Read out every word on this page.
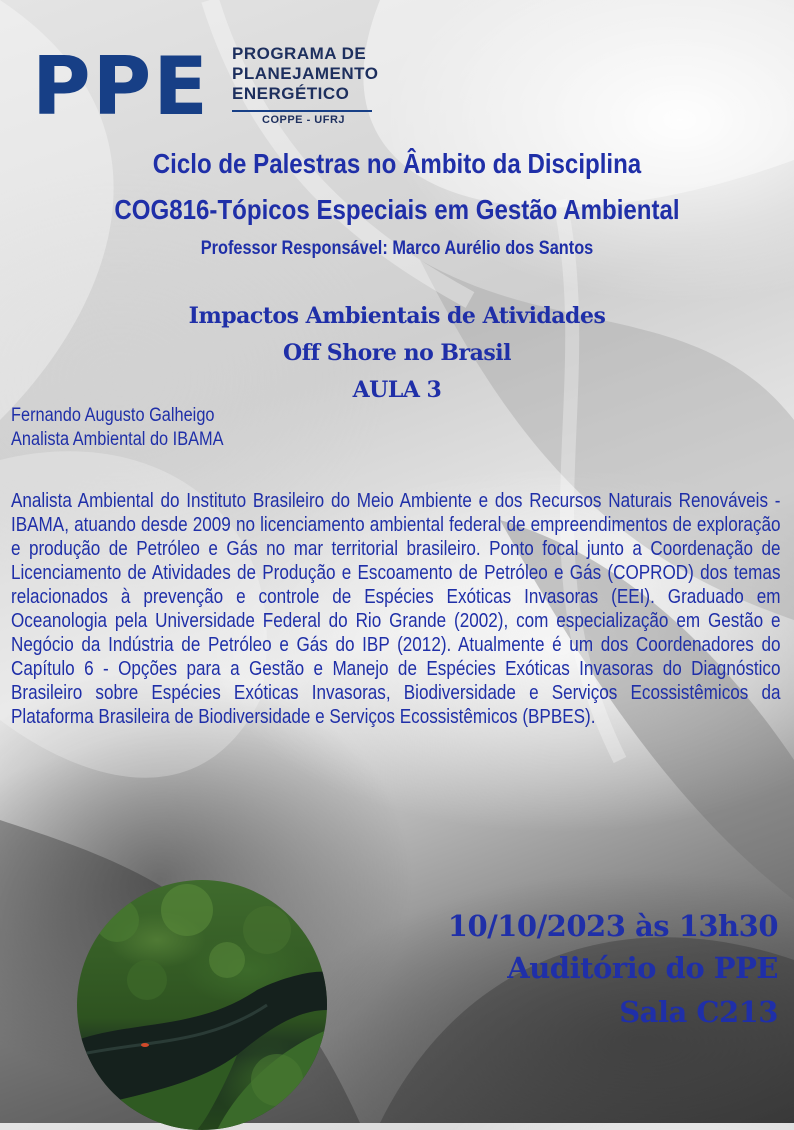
PPE PROGRAMA DE
PLANEJAMENTO
ENERGÉTICO
COPPE - UFRJ
Ciclo de Palestras no Âmbito da Disciplina
COG816-Tópicos Especiais em Gestão Ambiental
Professor Responsável: Marco Aurélio dos Santos
Impactos Ambientais de Atividades
Off Shore no Brasil
AULA 3
Fernando Augusto Galheigo
Analista Ambiental do IBAMA
Analista Ambiental do Instituto Brasileiro do Meio Ambiente e dos Recursos Naturais Renováveis - IBAMA, atuando desde 2009 no licenciamento ambiental federal de empreendimentos de exploração e produção de Petróleo e Gás no mar territorial brasileiro. Ponto focal junto a Coordenação de Licenciamento de Atividades de Produção e Escoamento de Petróleo e Gás (COPROD) dos temas relacionados à prevenção e controle de Espécies Exóticas Invasoras (EEI). Graduado em Oceanologia pela Universidade Federal do Rio Grande (2002), com especialização em Gestão e Negócio da Indústria de Petróleo e Gás do IBP (2012). Atualmente é um dos Coordenadores do Capítulo 6 - Opções para a Gestão e Manejo de Espécies Exóticas Invasoras do Diagnóstico Brasileiro sobre Espécies Exóticas Invasoras, Biodiversidade e Serviços Ecossistêmicos da Plataforma Brasileira de Biodiversidade e Serviços Ecossistêmicos (BPBES).
10/10/2023 às 13h30
Auditório do PPE
Sala C213
